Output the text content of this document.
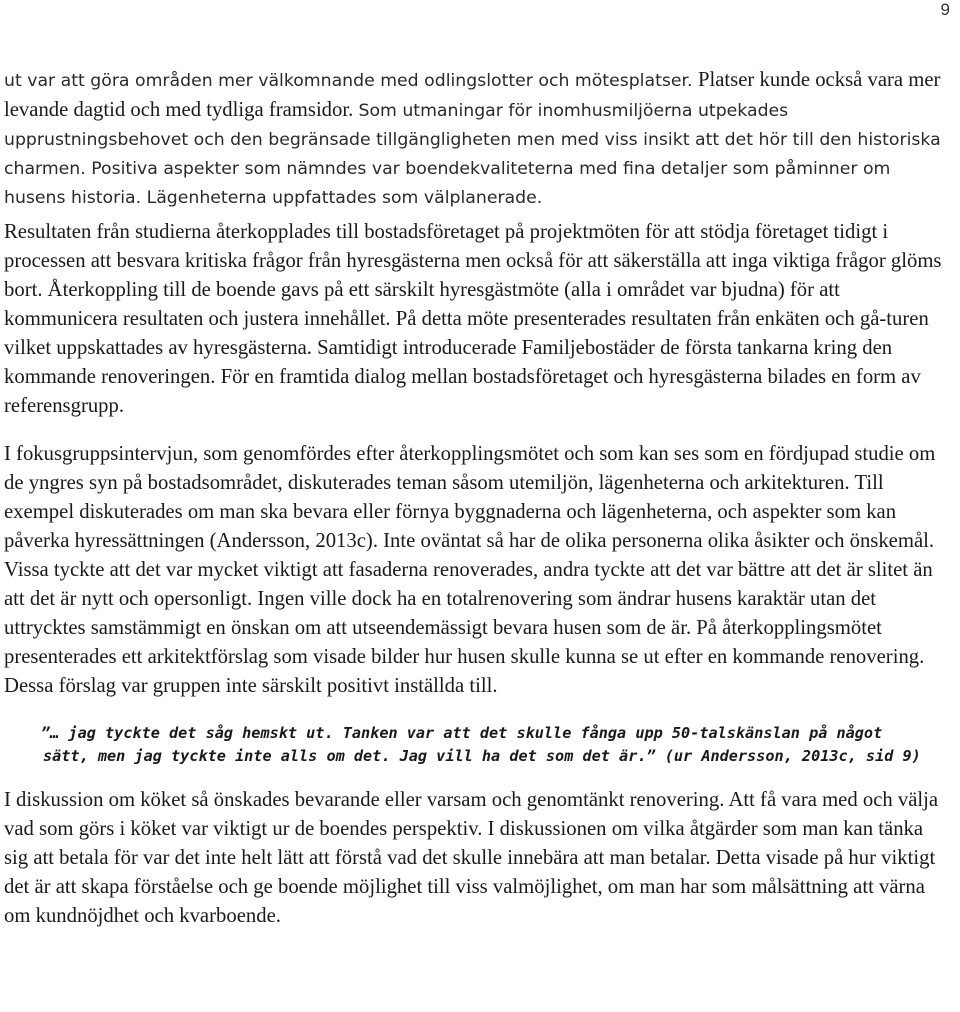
9

ut var att göra områden mer välkomnande med odlingslotter och mötesplatser. Platser kunde också vara mer levande dagtid och med tydliga framsidor. Som utmaningar för inomhusmiljöerna utpekades upprustningsbehovet och den begränsade tillgängligheten men med viss insikt att det hör till den historiska charmen. Positiva aspekter som nämndes var boendekvaliteterna med fina detaljer som påminner om husens historia. Lägenheterna uppfattades som välplanerade.

Resultaten från studierna återkopplades till bostadsföretaget på projektmöten för att stödja företaget tidigt i processen att besvara kritiska frågor från hyresgästerna men också för att säkerställa att inga viktiga frågor glöms bort. Återkoppling till de boende gavs på ett särskilt hyresgästmöte (alla i området var bjudna) för att kommunicera resultaten och justera innehållet. På detta möte presenterades resultaten från enkäten och gå-turen vilket uppskattades av hyresgästerna. Samtidigt introducerade Familjebostäder de första tankarna kring den kommande renoveringen. För en framtida dialog mellan bostadsföretaget och hyresgästerna bilades en form av referensgrupp.

I fokusgruppsintervjun, som genomfördes efter återkopplingsmötet och som kan ses som en fördjupad studie om de yngres syn på bostadsområdet, diskuterades teman såsom utemiljön, lägenheterna och arkitekturen. Till exempel diskuterades om man ska bevara eller förnya byggnaderna och lägenheterna, och aspekter som kan påverka hyressättningen (Andersson, 2013c). Inte oväntat så har de olika personerna olika åsikter och önskemål. Vissa tyckte att det var mycket viktigt att fasaderna renoverades, andra tyckte att det var bättre att det är slitet än att det är nytt och opersonligt. Ingen ville dock ha en totalrenovering som ändrar husens karaktär utan det uttrycktes samstämmigt en önskan om att utseendemässigt bevara husen som de är. På återkopplingsmötet presenterades ett arkitektförslag som visade bilder hur husen skulle kunna se ut efter en kommande renovering. Dessa förslag var gruppen inte särskilt positivt inställda till.

”… jag tyckte det såg hemskt ut. Tanken var att det skulle fånga upp 50-talskänslan på något
sätt, men jag tyckte inte alls om det. Jag vill ha det som det är.” (ur Andersson, 2013c, sid 9)

I diskussion om köket så önskades bevarande eller varsam och genomtänkt renovering. Att få vara med och välja vad som görs i köket var viktigt ur de boendes perspektiv. I diskussionen om vilka åtgärder som man kan tänka sig att betala för var det inte helt lätt att förstå vad det skulle innebära att man betalar. Detta visade på hur viktigt det är att skapa förståelse och ge boende möjlighet till viss valmöjlighet, om man har som målsättning att värna om kundnöjdhet och kvarboende.
